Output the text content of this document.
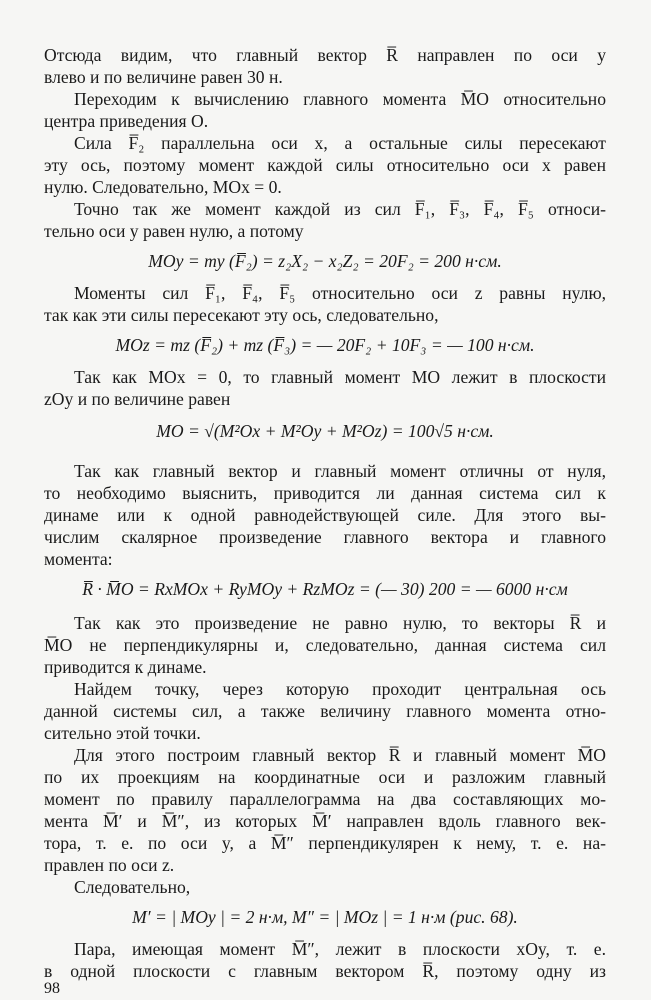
Отсюда видим, что главный вектор R̅ направлен по оси y
влево и по величине равен 30 н.
Переходим к вычислению главного момента M̅O относительно
центра приведения O.
Сила F̅₂ параллельна оси x, а остальные силы пересекают
эту ось, поэтому момент каждой силы относительно оси x равен
нулю. Следовательно, MOx = 0.
Точно так же момент каждой из сил F̅₁, F̅₃, F̅₄, F̅₅ относи-
тельно оси y равен нулю, а потому
MOy = my (F̅₂) = z₂X₂ − x₂Z₂ = 20F₂ = 200 н·см.
Моменты сил F̅₁, F̅₄, F̅₅ относительно оси z равны нулю,
так как эти силы пересекают эту ось, следовательно,
MOz = mz (F̅₂) + mz (F̅₃) = — 20F₂ + 10F₃ = — 100 н·см.
Так как MOx = 0, то главный момент MO лежит в плоскости
zOy и по величине равен
MO = √(M²Ox + M²Oy + M²Oz) = 100√5 н·см.
Так как главный вектор и главный момент отличны от нуля,
то необходимо выяснить, приводится ли данная система сил к
динаме или к одной равнодействующей силе. Для этого вы-
числим скалярное произведение главного вектора и главного
момента:
R̅ · M̅O = RxMOx + RyMOy + RzMOz = (— 30) 200 = — 6000 н·см
Так как это произведение не равно нулю, то векторы R̅ и
M̅O не перпендикулярны и, следовательно, данная система сил
приводится к динаме.
Найдем точку, через которую проходит центральная ось
данной системы сил, а также величину главного момента отно-
сительно этой точки.
Для этого построим главный вектор R̅ и главный момент M̅O
по их проекциям на координатные оси и разложим главный
момент по правилу параллелограмма на два составляющих мо-
мента M̅′ и M̅″, из которых M̅′ направлен вдоль главного век-
тора, т. е. по оси y, а M̅″ перпендикулярен к нему, т. е. на-
правлен по оси z.
Следовательно,
M′ = | MOy | = 2 н·м, M″ = | MOz | = 1 н·м (рис. 68).
Пара, имеющая момент M̅″, лежит в плоскости xOy, т. е.
в одной плоскости с главным вектором R̅, поэтому одну из
98
